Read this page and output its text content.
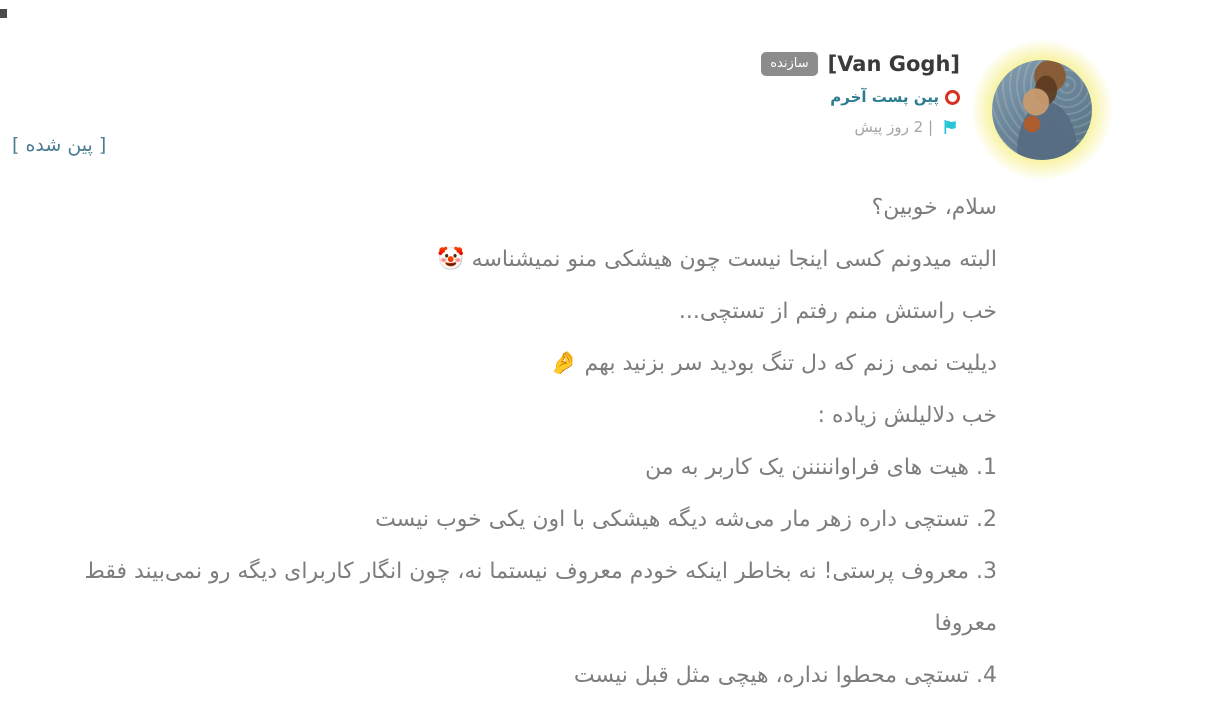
[Van Gogh]
سازنده
پین پست آخرم
| 2 روز پیش
[ پین شده ]

سلام، خوبین؟

البته میدونم کسی اینجا نیست چون هیشکی منو نمیشناسه 🤡

خب راستش منم رفتم از تستچی...

دیلیت نمی زنم که دل تنگ بودید سر بزنید بهم 🤌

خب دلالیلش زیاده :

1. هیت های فراواننننن یک کاربر به من

2. تستچی داره زهر مار می‌شه دیگه هیشکی با اون یکی خوب نیست

3. معروف پرستی! نه بخاطر اینکه خودم معروف نیستما نه، چون انگار کاربرای دیگه رو نمی‌بیند فقط معروفا

4. تستچی محطوا نداره، هیچی مثل قبل نیست
